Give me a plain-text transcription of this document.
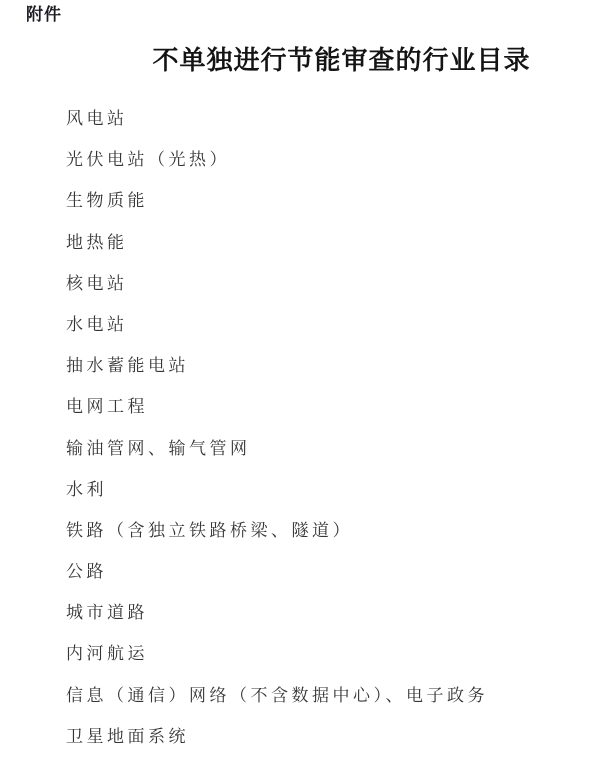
附件
不单独进行节能审查的行业目录
风电站
光伏电站（光热）
生物质能
地热能
核电站
水电站
抽水蓄能电站
电网工程
输油管网、输气管网
水利
铁路（含独立铁路桥梁、隧道）
公路
城市道路
内河航运
信息（通信）网络（不含数据中心）、电子政务
卫星地面系统
